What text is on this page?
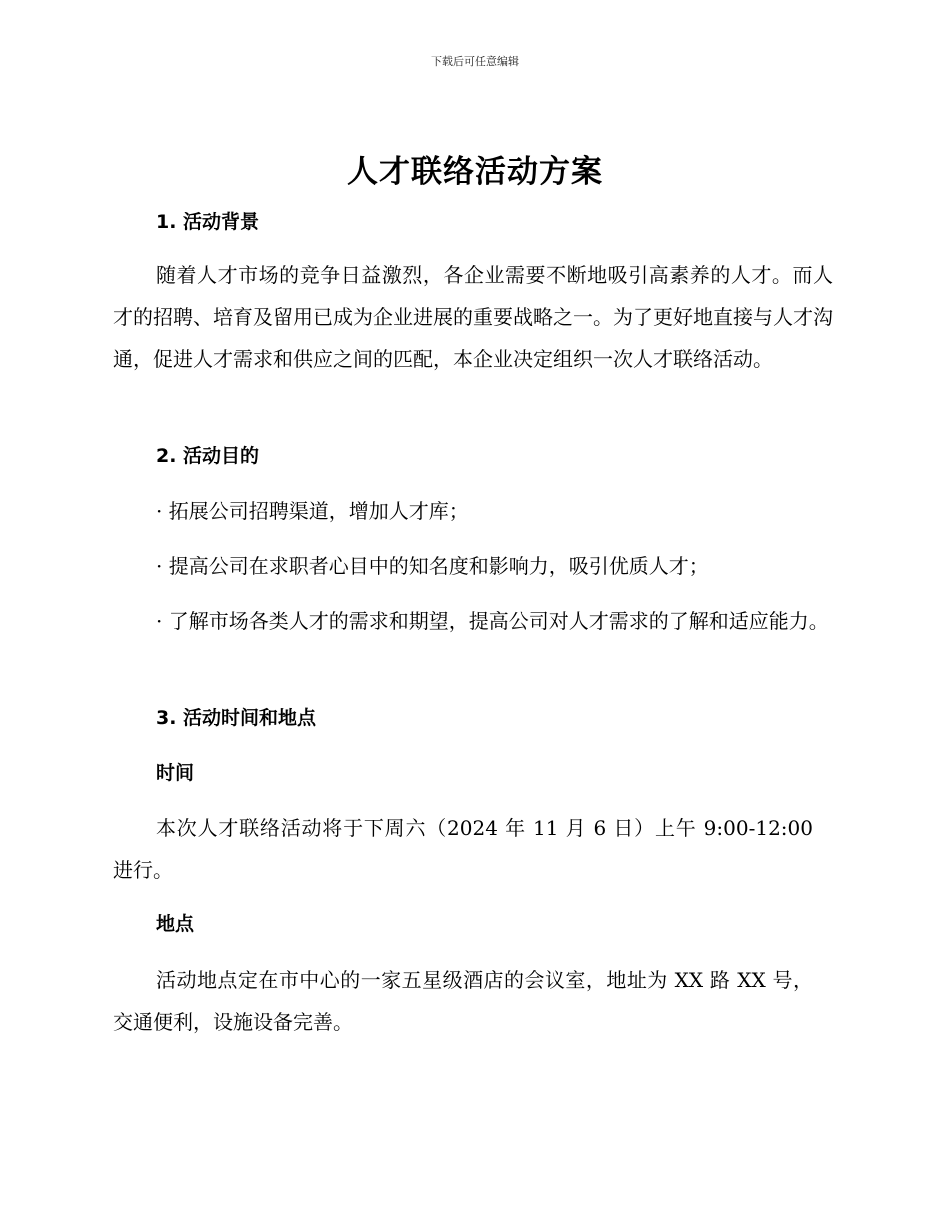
下载后可任意编辑
人才联络活动方案

1. 活动背景

随着人才市场的竞争日益激烈，各企业需要不断地吸引高素养的人才。而人才的招聘、培育及留用已成为企业进展的重要战略之一。为了更好地直接与人才沟通，促进人才需求和供应之间的匹配，本企业决定组织一次人才联络活动。

2. 活动目的

· 拓展公司招聘渠道，增加人才库；

· 提高公司在求职者心目中的知名度和影响力，吸引优质人才；

· 了解市场各类人才的需求和期望，提高公司对人才需求的了解和适应能力。

3. 活动时间和地点

时间

本次人才联络活动将于下周六（2024 年 11 月 6 日）上午 9:00-12:00 进行。

地点

活动地点定在市中心的一家五星级酒店的会议室，地址为 XX 路 XX 号，交通便利，设施设备完善。
